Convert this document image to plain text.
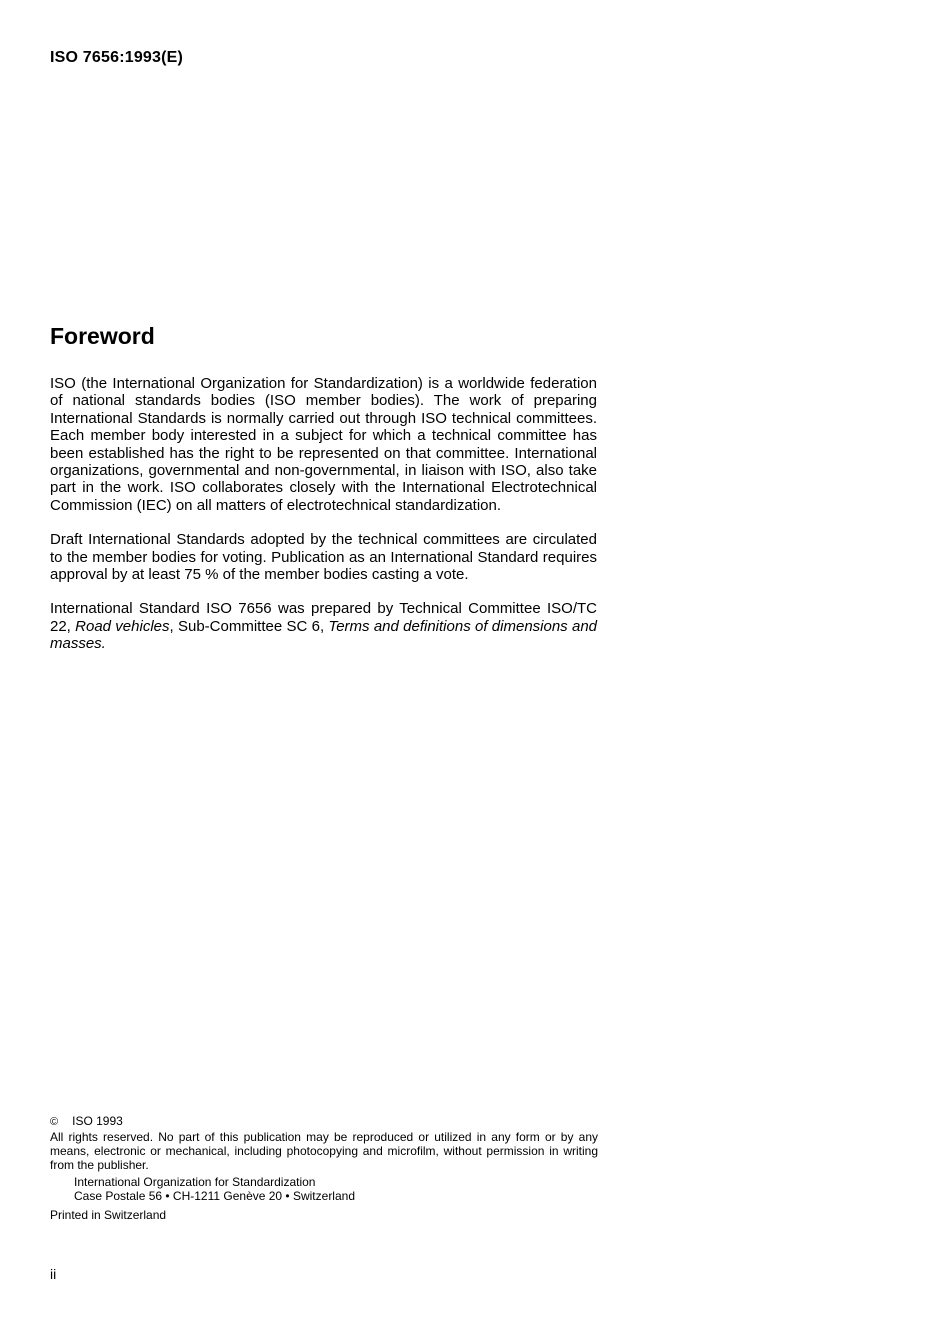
ISO 7656:1993(E)
Foreword

ISO (the International Organization for Standardization) is a worldwide federation of national standards bodies (ISO member bodies). The work of preparing International Standards is normally carried out through ISO technical committees. Each member body interested in a subject for which a technical committee has been established has the right to be represented on that committee. International organizations, governmental and non-governmental, in liaison with ISO, also take part in the work. ISO collaborates closely with the International Electrotechnical Commission (IEC) on all matters of electrotechnical standardization.

Draft International Standards adopted by the technical committees are circulated to the member bodies for voting. Publication as an International Standard requires approval by at least 75 % of the member bodies casting a vote.

International Standard ISO 7656 was prepared by Technical Committee ISO/TC 22, Road vehicles, Sub-Committee SC 6, Terms and definitions of dimensions and masses.

© ISO 1993
All rights reserved. No part of this publication may be reproduced or utilized in any form or by any means, electronic or mechanical, including photocopying and microfilm, without permission in writing from the publisher.
International Organization for Standardization
Case Postale 56 • CH-1211 Genève 20 • Switzerland
Printed in Switzerland
ii
